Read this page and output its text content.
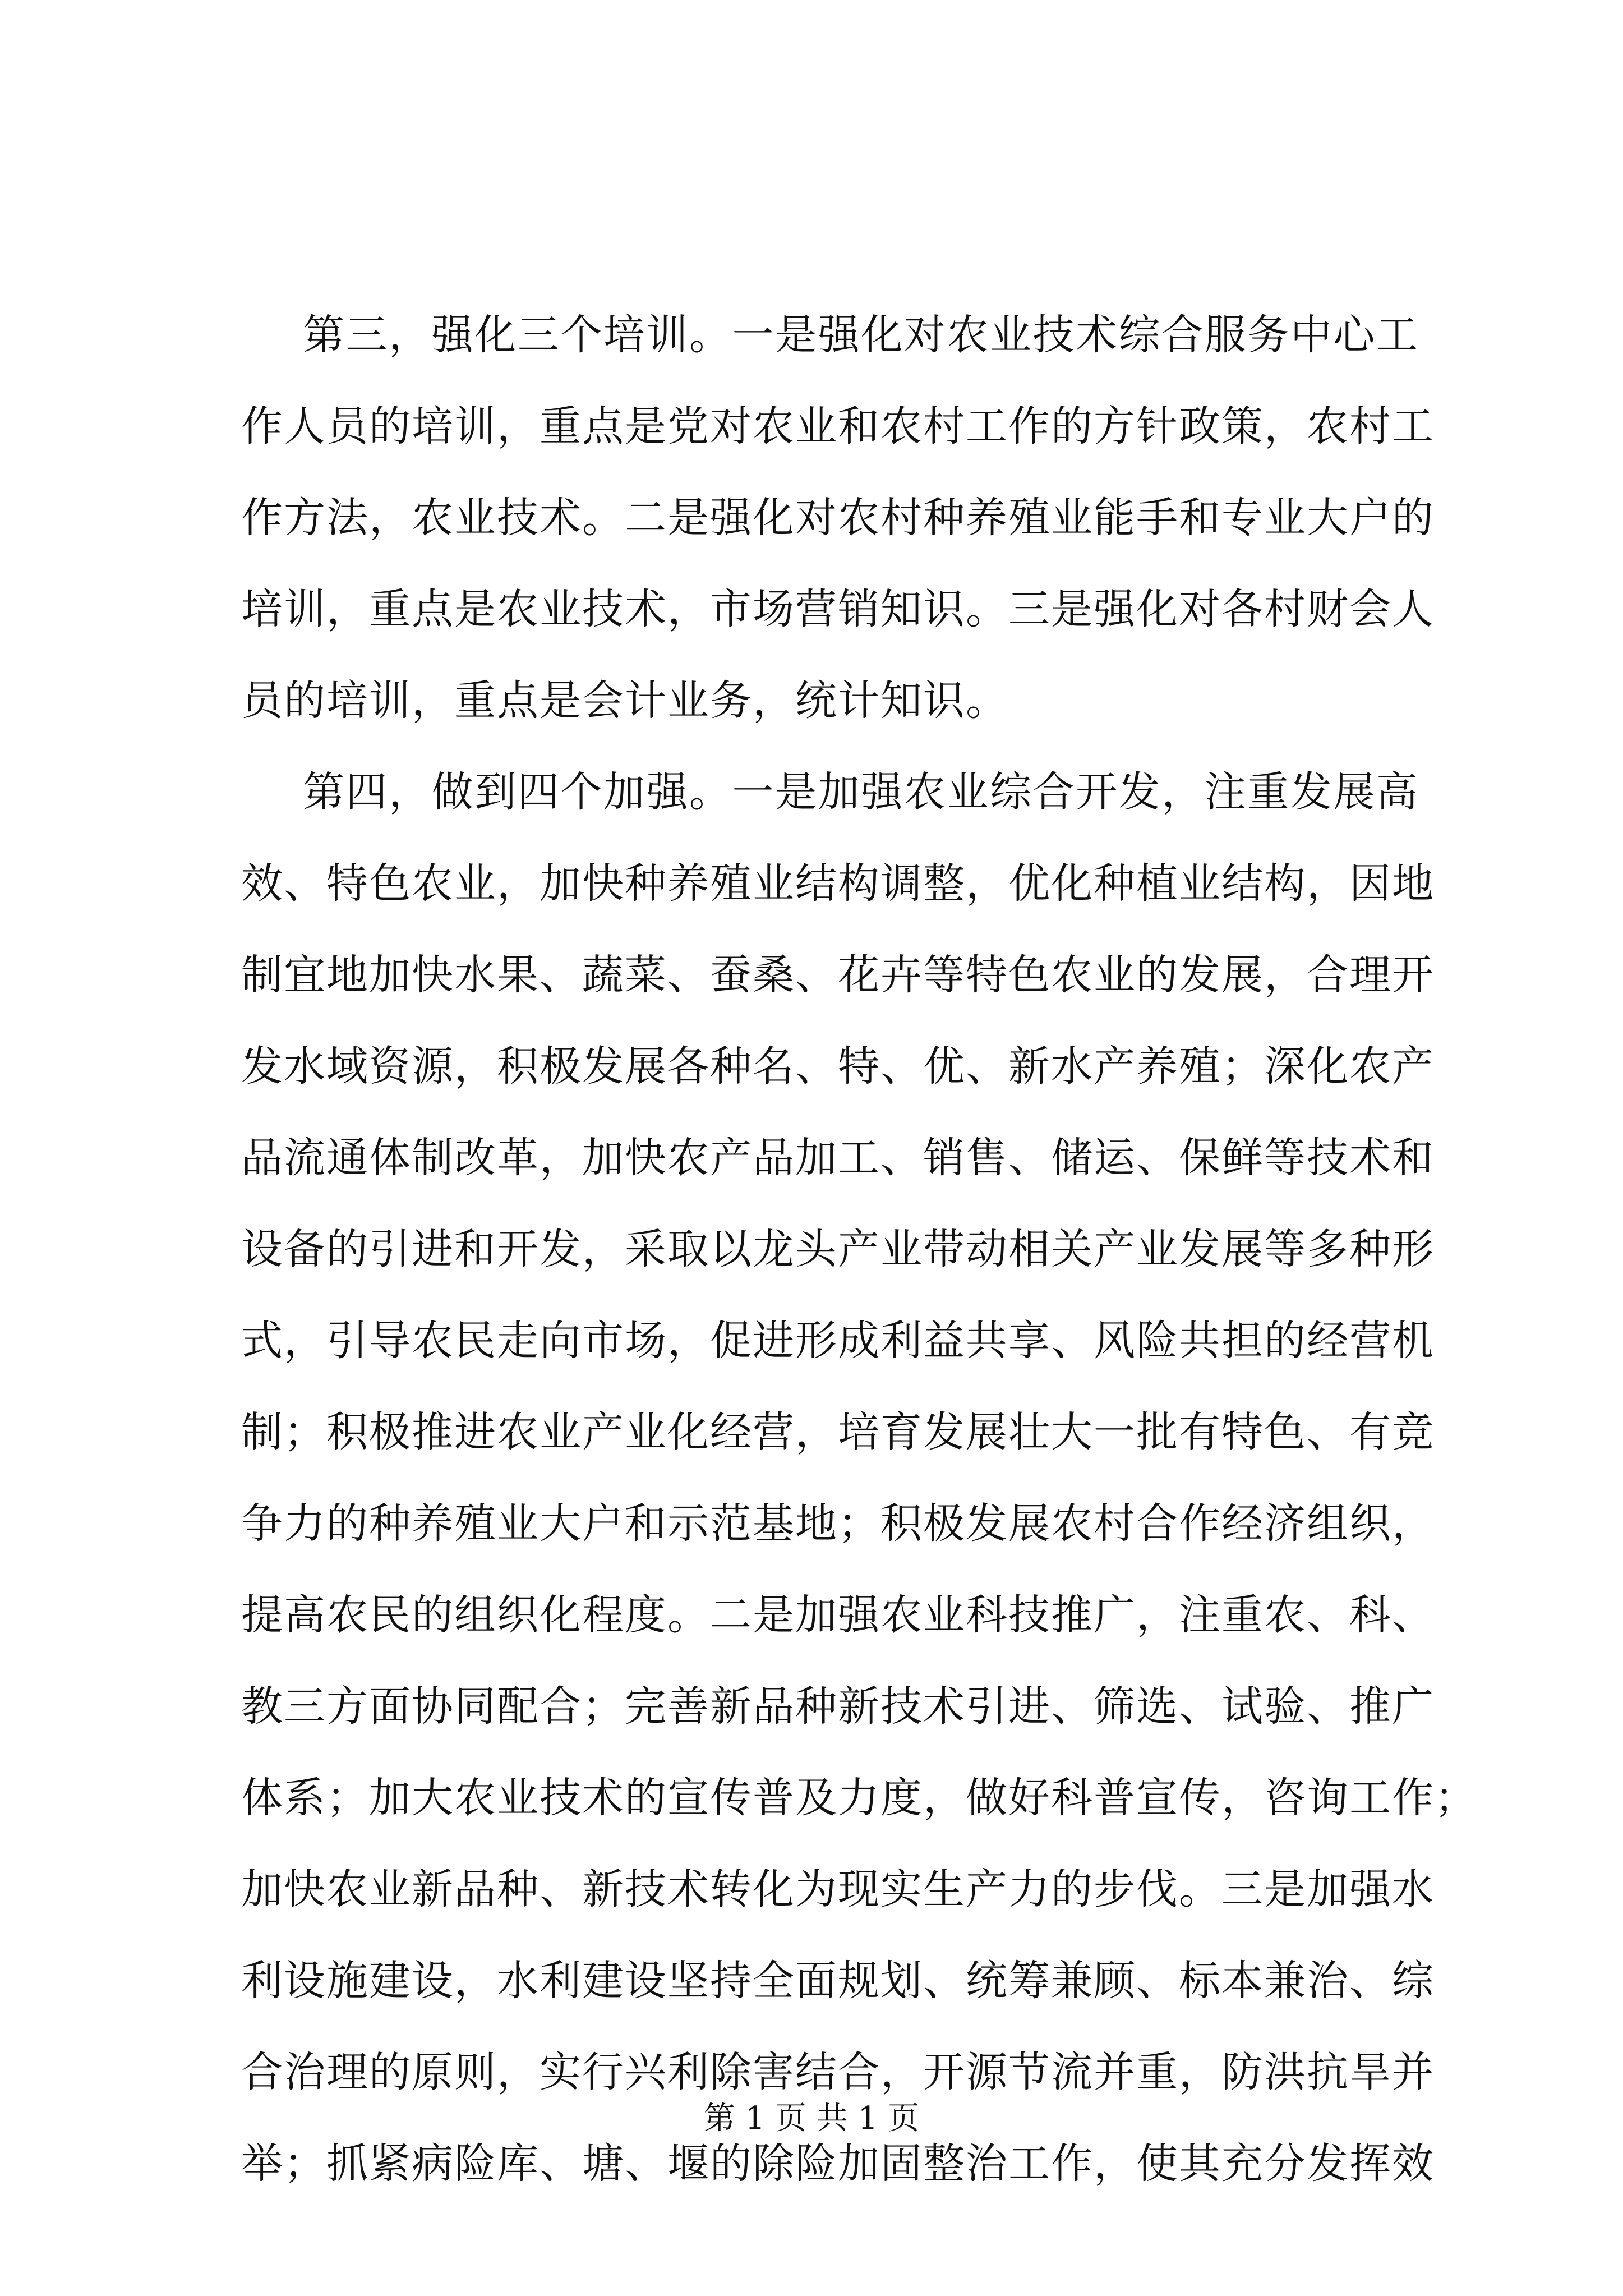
第三，强化三个培训。一是强化对农业技术综合服务中心工
作人员的培训，重点是党对农业和农村工作的方针政策，农村工
作方法，农业技术。二是强化对农村种养殖业能手和专业大户的
培训，重点是农业技术，市场营销知识。三是强化对各村财会人
员的培训，重点是会计业务，统计知识。
第四，做到四个加强。一是加强农业综合开发，注重发展高
效、特色农业，加快种养殖业结构调整，优化种植业结构，因地
制宜地加快水果、蔬菜、蚕桑、花卉等特色农业的发展，合理开
发水域资源，积极发展各种名、特、优、新水产养殖；深化农产
品流通体制改革，加快农产品加工、销售、储运、保鲜等技术和
设备的引进和开发，采取以龙头产业带动相关产业发展等多种形
式，引导农民走向市场，促进形成利益共享、风险共担的经营机
制；积极推进农业产业化经营，培育发展壮大一批有特色、有竞
争力的种养殖业大户和示范基地；积极发展农村合作经济组织，
提高农民的组织化程度。二是加强农业科技推广，注重农、科、
教三方面协同配合；完善新品种新技术引进、筛选、试验、推广
体系；加大农业技术的宣传普及力度，做好科普宣传，咨询工作；
加快农业新品种、新技术转化为现实生产力的步伐。三是加强水
利设施建设，水利建设坚持全面规划、统筹兼顾、标本兼治、综
合治理的原则，实行兴利除害结合，开源节流并重，防洪抗旱并
举；抓紧病险库、塘、堰的除险加固整治工作，使其充分发挥效
第 1 页 共 1 页
